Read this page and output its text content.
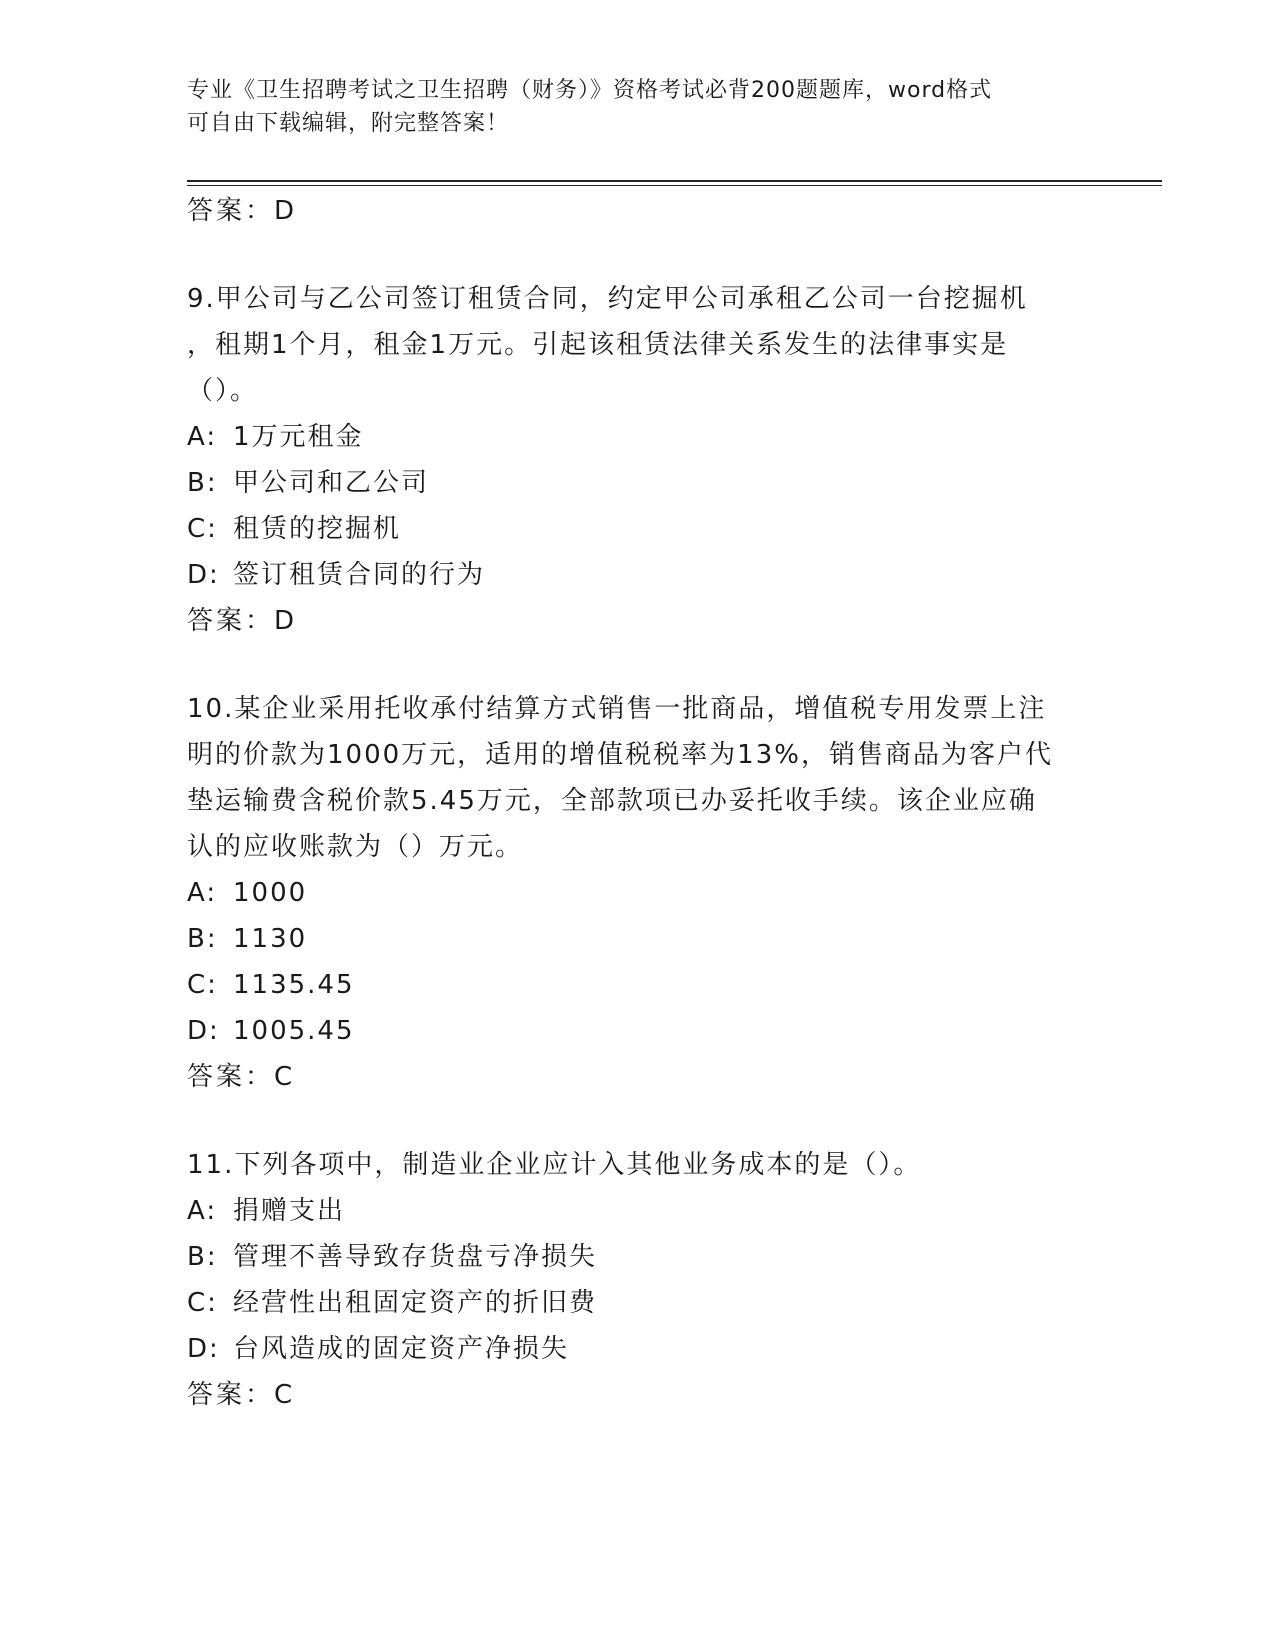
专业《卫生招聘考试之卫生招聘（财务）》资格考试必背200题题库，word格式
可自由下载编辑，附完整答案！
答案：D
9.甲公司与乙公司签订租赁合同，约定甲公司承租乙公司一台挖掘机
，租期1个月，租金1万元。引起该租赁法律关系发生的法律事实是
（）。
A: 1万元租金
B: 甲公司和乙公司
C: 租赁的挖掘机
D: 签订租赁合同的行为
答案：D
10.某企业采用托收承付结算方式销售一批商品，增值税专用发票上注
明的价款为1000万元，适用的增值税税率为13%，销售商品为客户代
垫运输费含税价款5.45万元，全部款项已办妥托收手续。该企业应确
认的应收账款为（）万元。
A: 1000
B: 1130
C: 1135.45
D: 1005.45
答案：C
11.下列各项中，制造业企业应计入其他业务成本的是（）。
A: 捐赠支出
B: 管理不善导致存货盘亏净损失
C: 经营性出租固定资产的折旧费
D: 台风造成的固定资产净损失
答案：C
